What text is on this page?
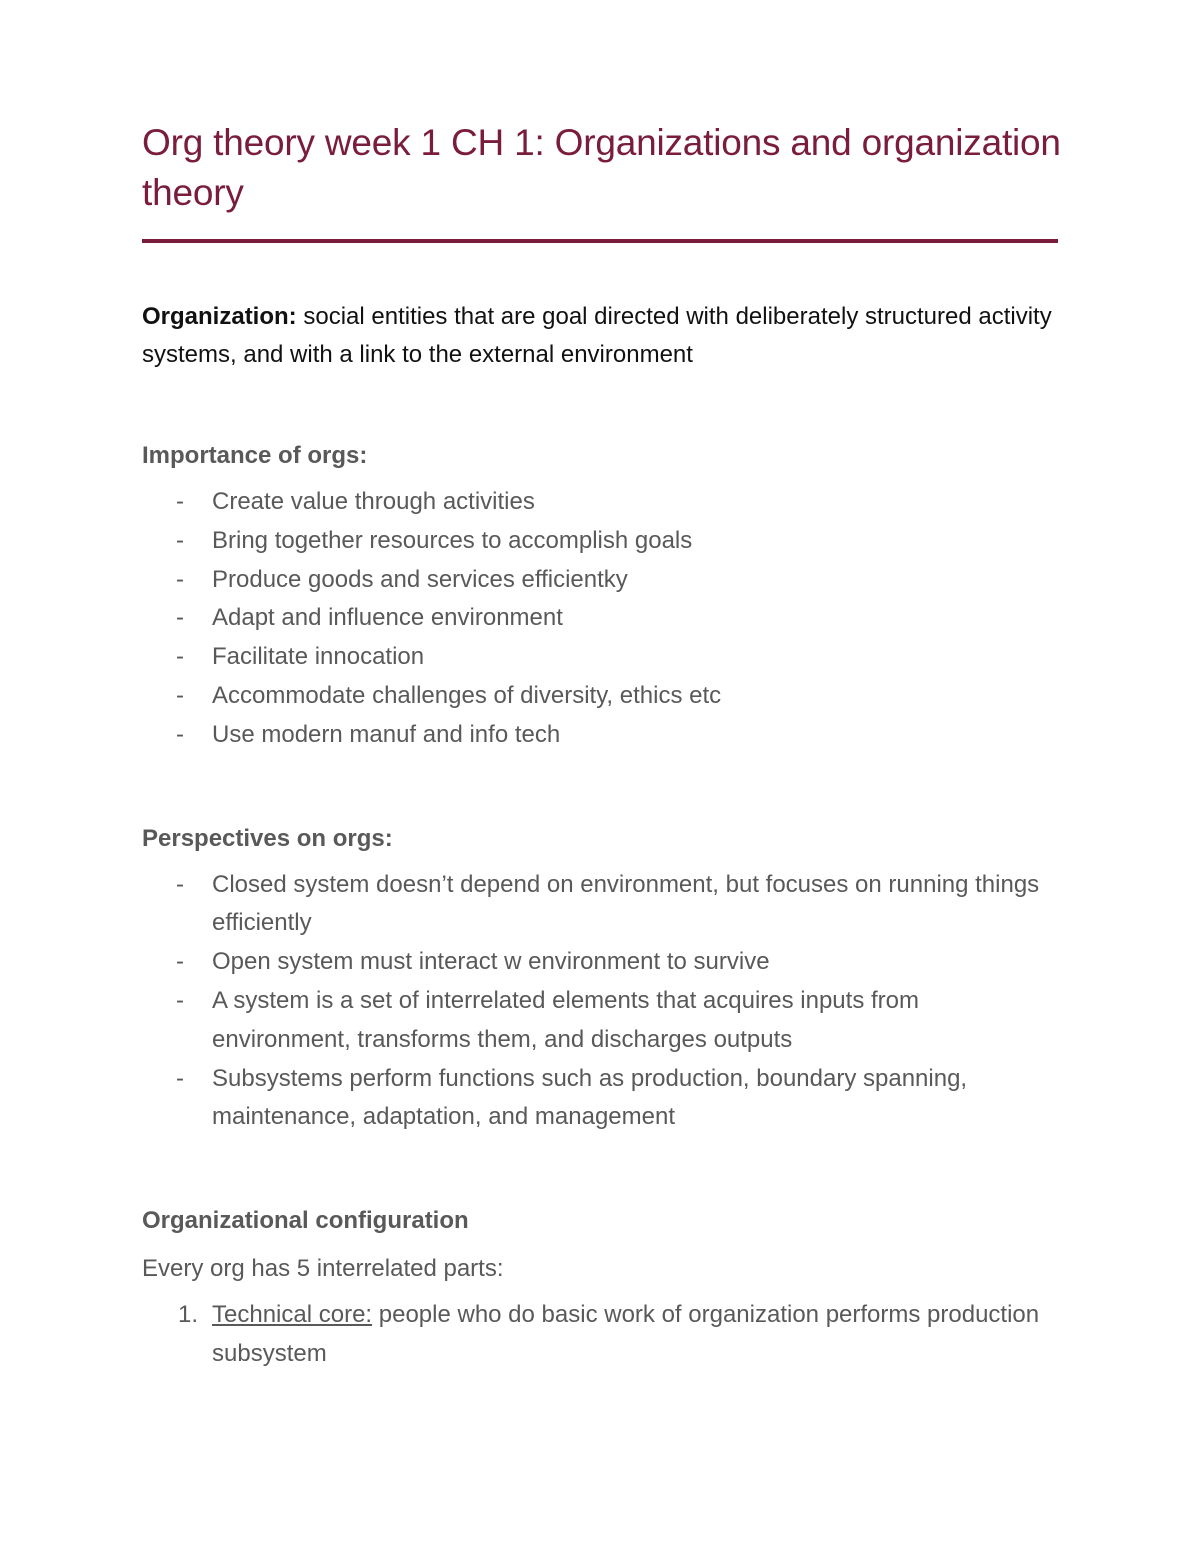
Org theory week 1 CH 1: Organizations and organization theory
Organization: social entities that are goal directed with deliberately structured activity systems, and with a link to the external environment
Importance of orgs:
- Create value through activities
- Bring together resources to accomplish goals
- Produce goods and services efficientky
- Adapt and influence environment
- Facilitate innocation
- Accommodate challenges of diversity, ethics etc
- Use modern manuf and info tech
Perspectives on orgs:
- Closed system doesn’t depend on environment, but focuses on running things efficiently
- Open system must interact w environment to survive
- A system is a set of interrelated elements that acquires inputs from environment, transforms them, and discharges outputs
- Subsystems perform functions such as production, boundary spanning, maintenance, adaptation, and management
Organizational configuration
Every org has 5 interrelated parts:
1. Technical core: people who do basic work of organization performs production subsystem
